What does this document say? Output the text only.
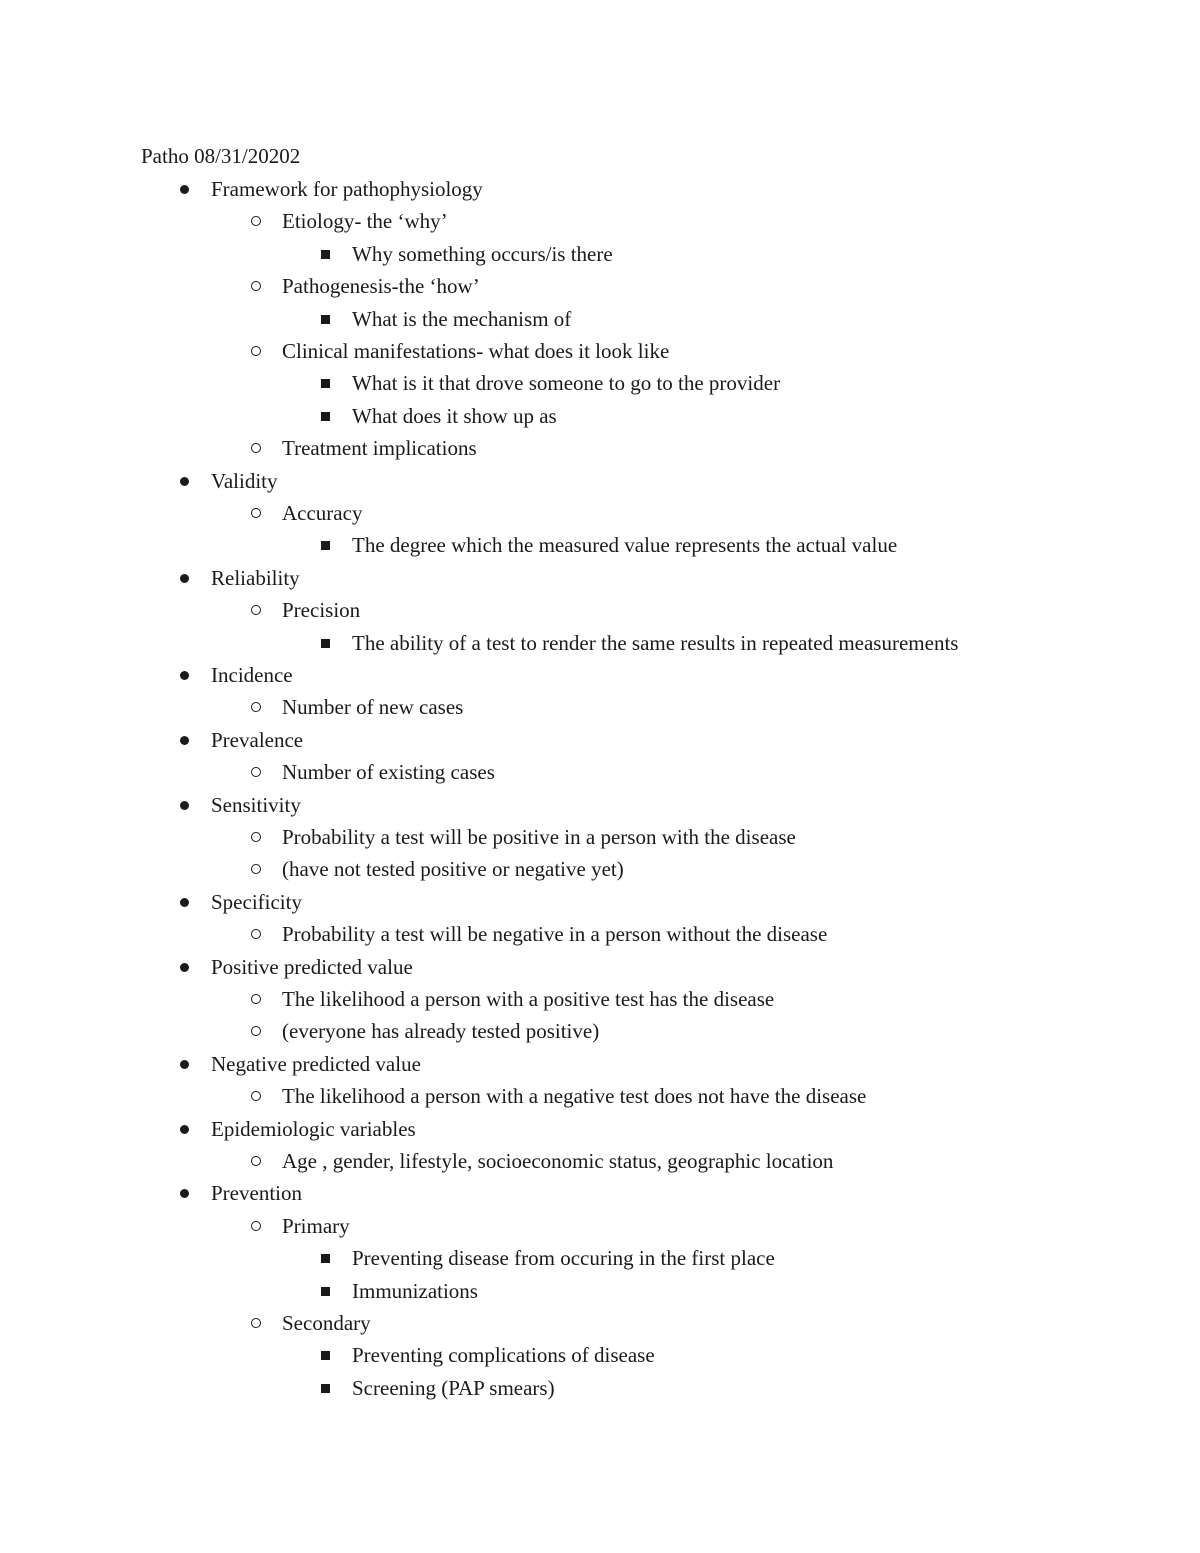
Patho 08/31/20202
Framework for pathophysiology
Etiology- the ‘why’
Why something occurs/is there
Pathogenesis-the ‘how’
What is the mechanism of
Clinical manifestations- what does it look like
What is it that drove someone to go to the provider
What does it show up as
Treatment implications
Validity
Accuracy
The degree which the measured value represents the actual value
Reliability
Precision
The ability of a test to render the same results in repeated measurements
Incidence
Number of new cases
Prevalence
Number of existing cases
Sensitivity
Probability a test will be positive in a person with the disease
(have not tested positive or negative yet)
Specificity
Probability a test will be negative in a person without the disease
Positive predicted value
The likelihood a person with a positive test has the disease
(everyone has already tested positive)
Negative predicted value
The likelihood a person with a negative test does not have the disease
Epidemiologic variables
Age , gender, lifestyle, socioeconomic status, geographic location
Prevention
Primary
Preventing disease from occuring in the first place
Immunizations
Secondary
Preventing complications of disease
Screening (PAP smears)
